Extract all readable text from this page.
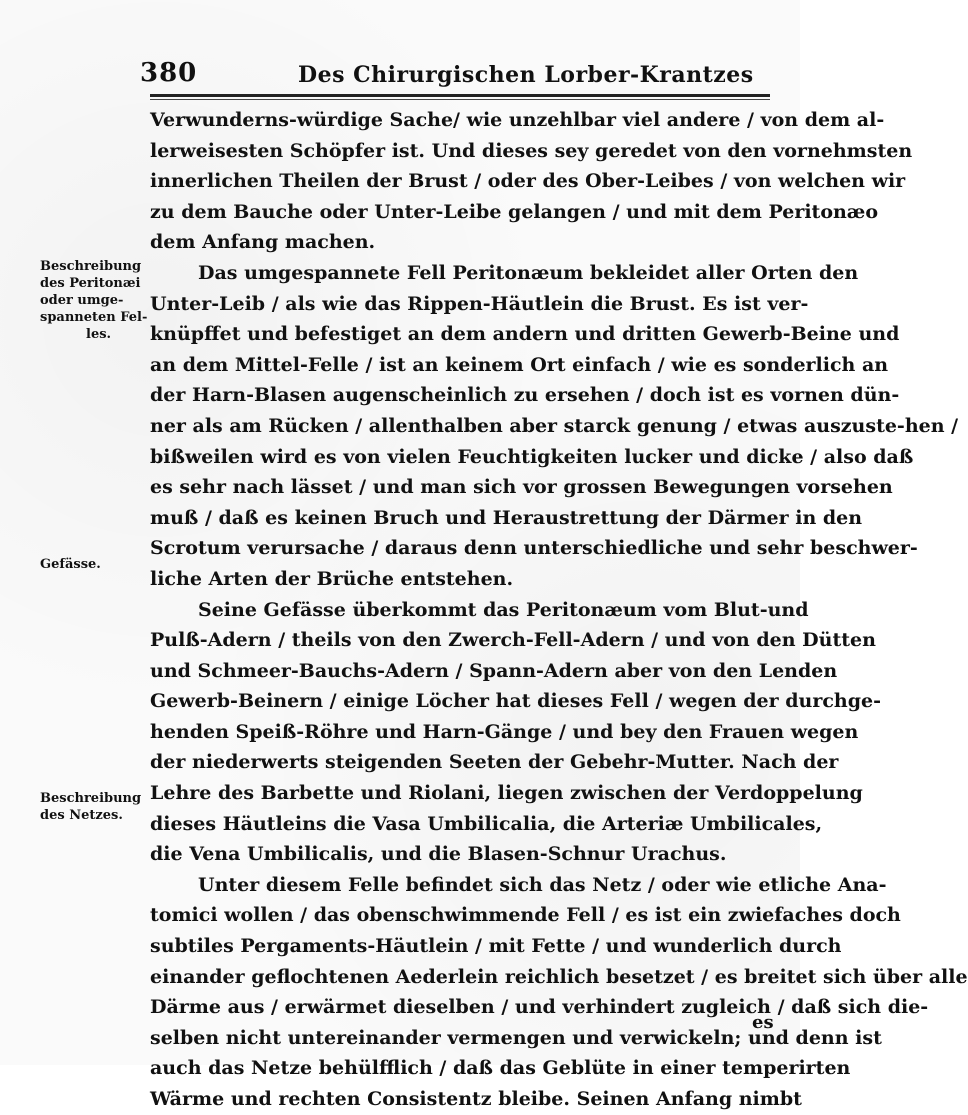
380	Des Chirurgischen Lorber-Krantzes
Beschreibung
des Peritonæi
oder umge-
spanneten Fel-
les.
Gefässe.
Beschreibung
des Netzes.
Verwunderns-würdige Sache/ wie unzehlbar viel andere / von dem al-
lerweisesten Schöpfer ist. Und dieses sey geredet von den vornehmsten
innerlichen Theilen der Brust / oder des Ober-Leibes / von welchen wir
zu dem Bauche oder Unter-Leibe gelangen / und mit dem Peritonæo
dem Anfang machen.
Das umgespannete Fell Peritonæum bekleidet aller Orten den
Unter-Leib / als wie das Rippen-Häutlein die Brust. Es ist ver-
knüpffet und befestiget an dem andern und dritten Gewerb-Beine und
an dem Mittel-Felle / ist an keinem Ort einfach / wie es sonderlich an
der Harn-Blasen augenscheinlich zu ersehen / doch ist es vornen dün-
ner als am Rücken / allenthalben aber starck genung / etwas auszuste-hen /
bißweilen wird es von vielen Feuchtigkeiten lucker und dicke / also daß
es sehr nach lässet / und man sich vor grossen Bewegungen vorsehen
muß / daß es keinen Bruch und Heraustrettung der Därmer in den
Scrotum verursache / daraus denn unterschiedliche und sehr beschwer-
liche Arten der Brüche entstehen.
Seine Gefässe überkommt das Peritonæum vom Blut-und
Pulß-Adern / theils von den Zwerch-Fell-Adern / und von den Dütten
und Schmeer-Bauchs-Adern / Spann-Adern aber von den Lenden
Gewerb-Beinern / einige Löcher hat dieses Fell / wegen der durchge-
henden Speiß-Röhre und Harn-Gänge / und bey den Frauen wegen
der niederwerts steigenden Seeten der Gebehr-Mutter. Nach der
Lehre des Barbette und Riolani, liegen zwischen der Verdoppelung
dieses Häutleins die Vasa Umbilicalia, die Arteriæ Umbilicales,
die Vena Umbilicalis, und die Blasen-Schnur Urachus.
Unter diesem Felle befindet sich das Netz / oder wie etliche Ana-
tomici wollen / das obenschwimmende Fell / es ist ein zwiefaches doch
subtiles Pergaments-Häutlein / mit Fette / und wunderlich durch
einander geflochtenen Aederlein reichlich besetzet / es breitet sich über alle
Därme aus / erwärmet dieselben / und verhindert zugleich / daß sich die-
selben nicht untereinander vermengen und verwickeln; und denn ist
auch das Netze behülfflich / daß das Geblüte in einer temperirten
Wärme und rechten Consistentz bleibe. Seinen Anfang nimbt
es
